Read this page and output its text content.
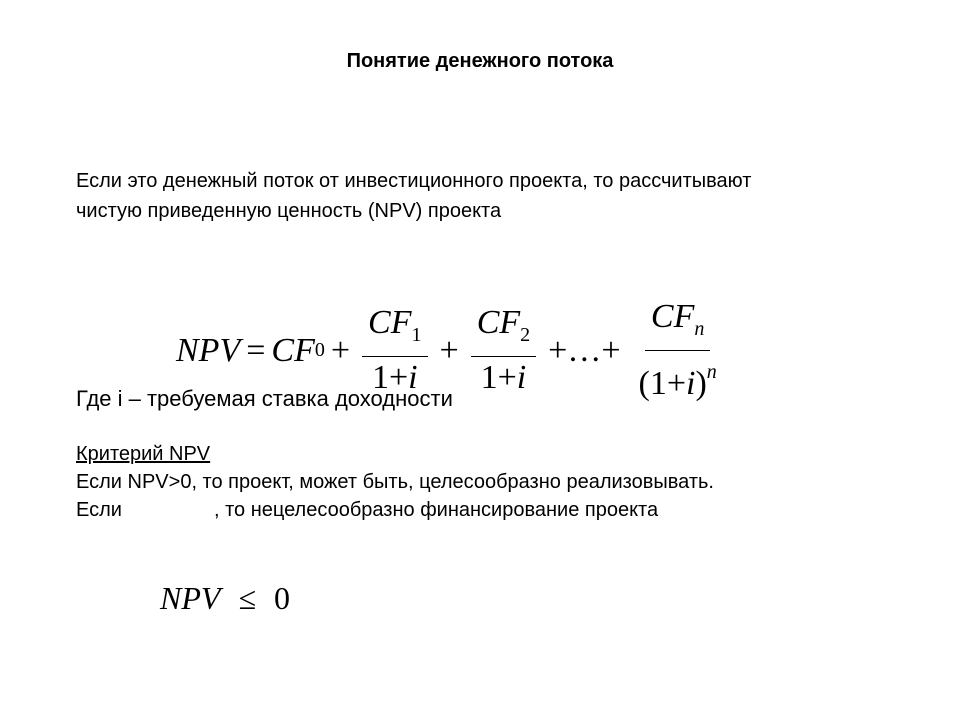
Понятие денежного потока
Если это денежный поток от инвестиционного проекта, то рассчитывают
чистую приведенную ценность (NPV) проекта
NPV = CF $0 + \frac{CF_1}{1+i} + \frac{CF_2}{1+i}$ +…+ $\frac{CF_n}{(1+i)^n}$
Где i – требуемая ставка доходности
Критерий NPV
Если NPV>0, то проект, может быть, целесообразно реализовывать.
Если	, то нецелесообразно финансирование проекта
NPV ≤ 0
